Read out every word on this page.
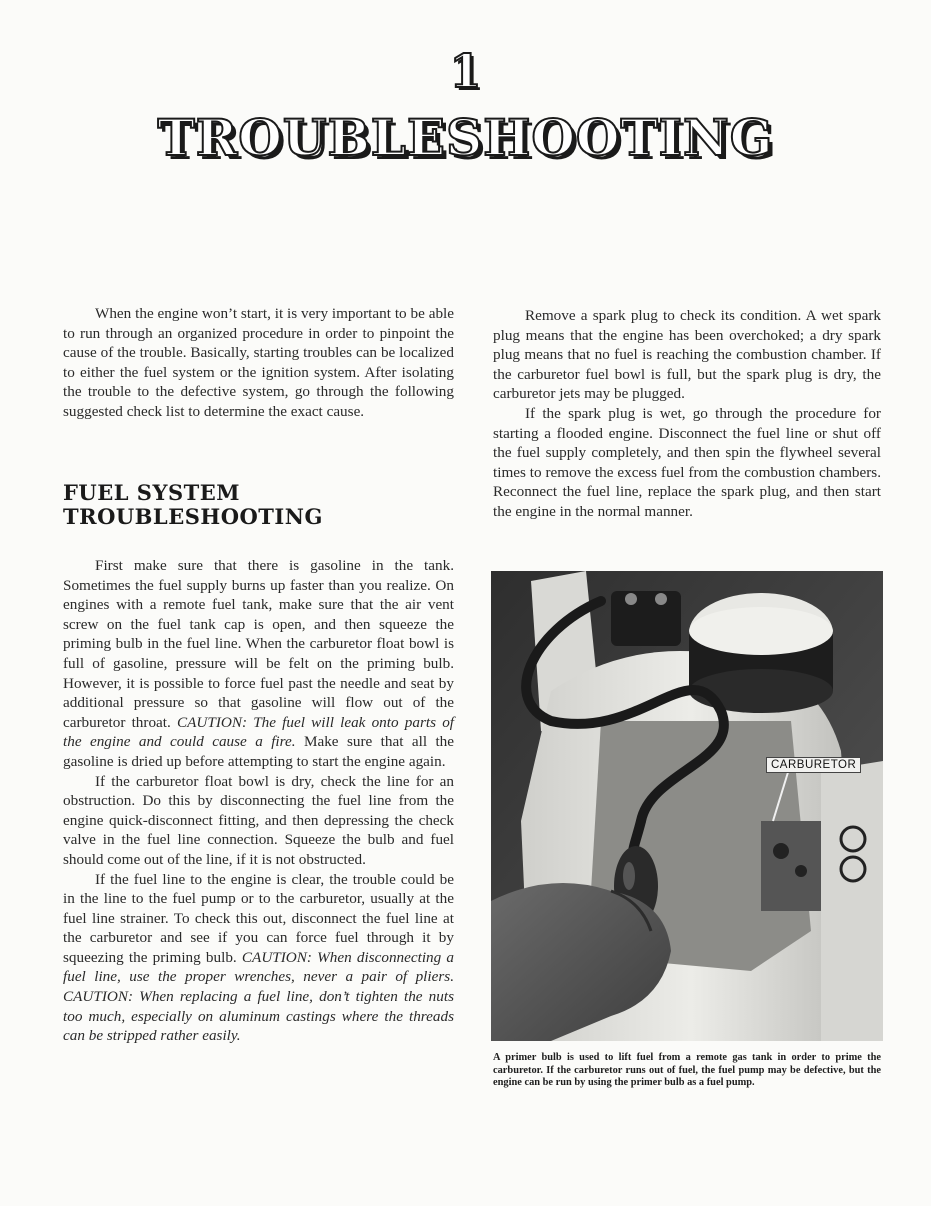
1
TROUBLESHOOTING

When the engine won’t start, it is very important to be able to run through an organized procedure in order to pinpoint the cause of the trouble. Basically, starting troubles can be localized to either the fuel system or the ignition system. After isolating the trouble to the defective system, go through the following suggested check list to determine the exact cause.

FUEL SYSTEM
TROUBLESHOOTING

First make sure that there is gasoline in the tank. Sometimes the fuel supply burns up faster than you realize. On engines with a remote fuel tank, make sure that the air vent screw on the fuel tank cap is open, and then squeeze the priming bulb in the fuel line. When the carburetor float bowl is full of gasoline, pressure will be felt on the priming bulb. However, it is possible to force fuel past the needle and seat by additional pressure so that gasoline will flow out of the carburetor throat. CAUTION: The fuel will leak onto parts of the engine and could cause a fire. Make sure that all the gasoline is dried up before attempting to start the engine again.

If the carburetor float bowl is dry, check the line for an obstruction. Do this by disconnecting the fuel line from the engine quick-disconnect fitting, and then depressing the check valve in the fuel line connection. Squeeze the bulb and fuel should come out of the line, if it is not obstructed.

If the fuel line to the engine is clear, the trouble could be in the line to the fuel pump or to the carburetor, usually at the fuel line strainer. To check this out, disconnect the fuel line at the carburetor and see if you can force fuel through it by squeezing the priming bulb. CAUTION: When disconnecting a fuel line, use the proper wrenches, never a pair of pliers. CAUTION: When replacing a fuel line, don’t tighten the nuts too much, especially on aluminum castings where the threads can be stripped rather easily.

Remove a spark plug to check its condition. A wet spark plug means that the engine has been overchoked; a dry spark plug means that no fuel is reaching the combustion chamber. If the carburetor fuel bowl is full, but the spark plug is dry, the carburetor jets may be plugged.

If the spark plug is wet, go through the procedure for starting a flooded engine. Disconnect the fuel line or shut off the fuel supply completely, and then spin the flywheel several times to remove the excess fuel from the combustion chambers. Reconnect the fuel line, replace the spark plug, and then start the engine in the normal manner.

CARBURETOR
A primer bulb is used to lift fuel from a remote gas tank in order to prime the carburetor. If the carburetor runs out of fuel, the fuel pump may be defective, but the engine can be run by using the primer bulb as a fuel pump.
